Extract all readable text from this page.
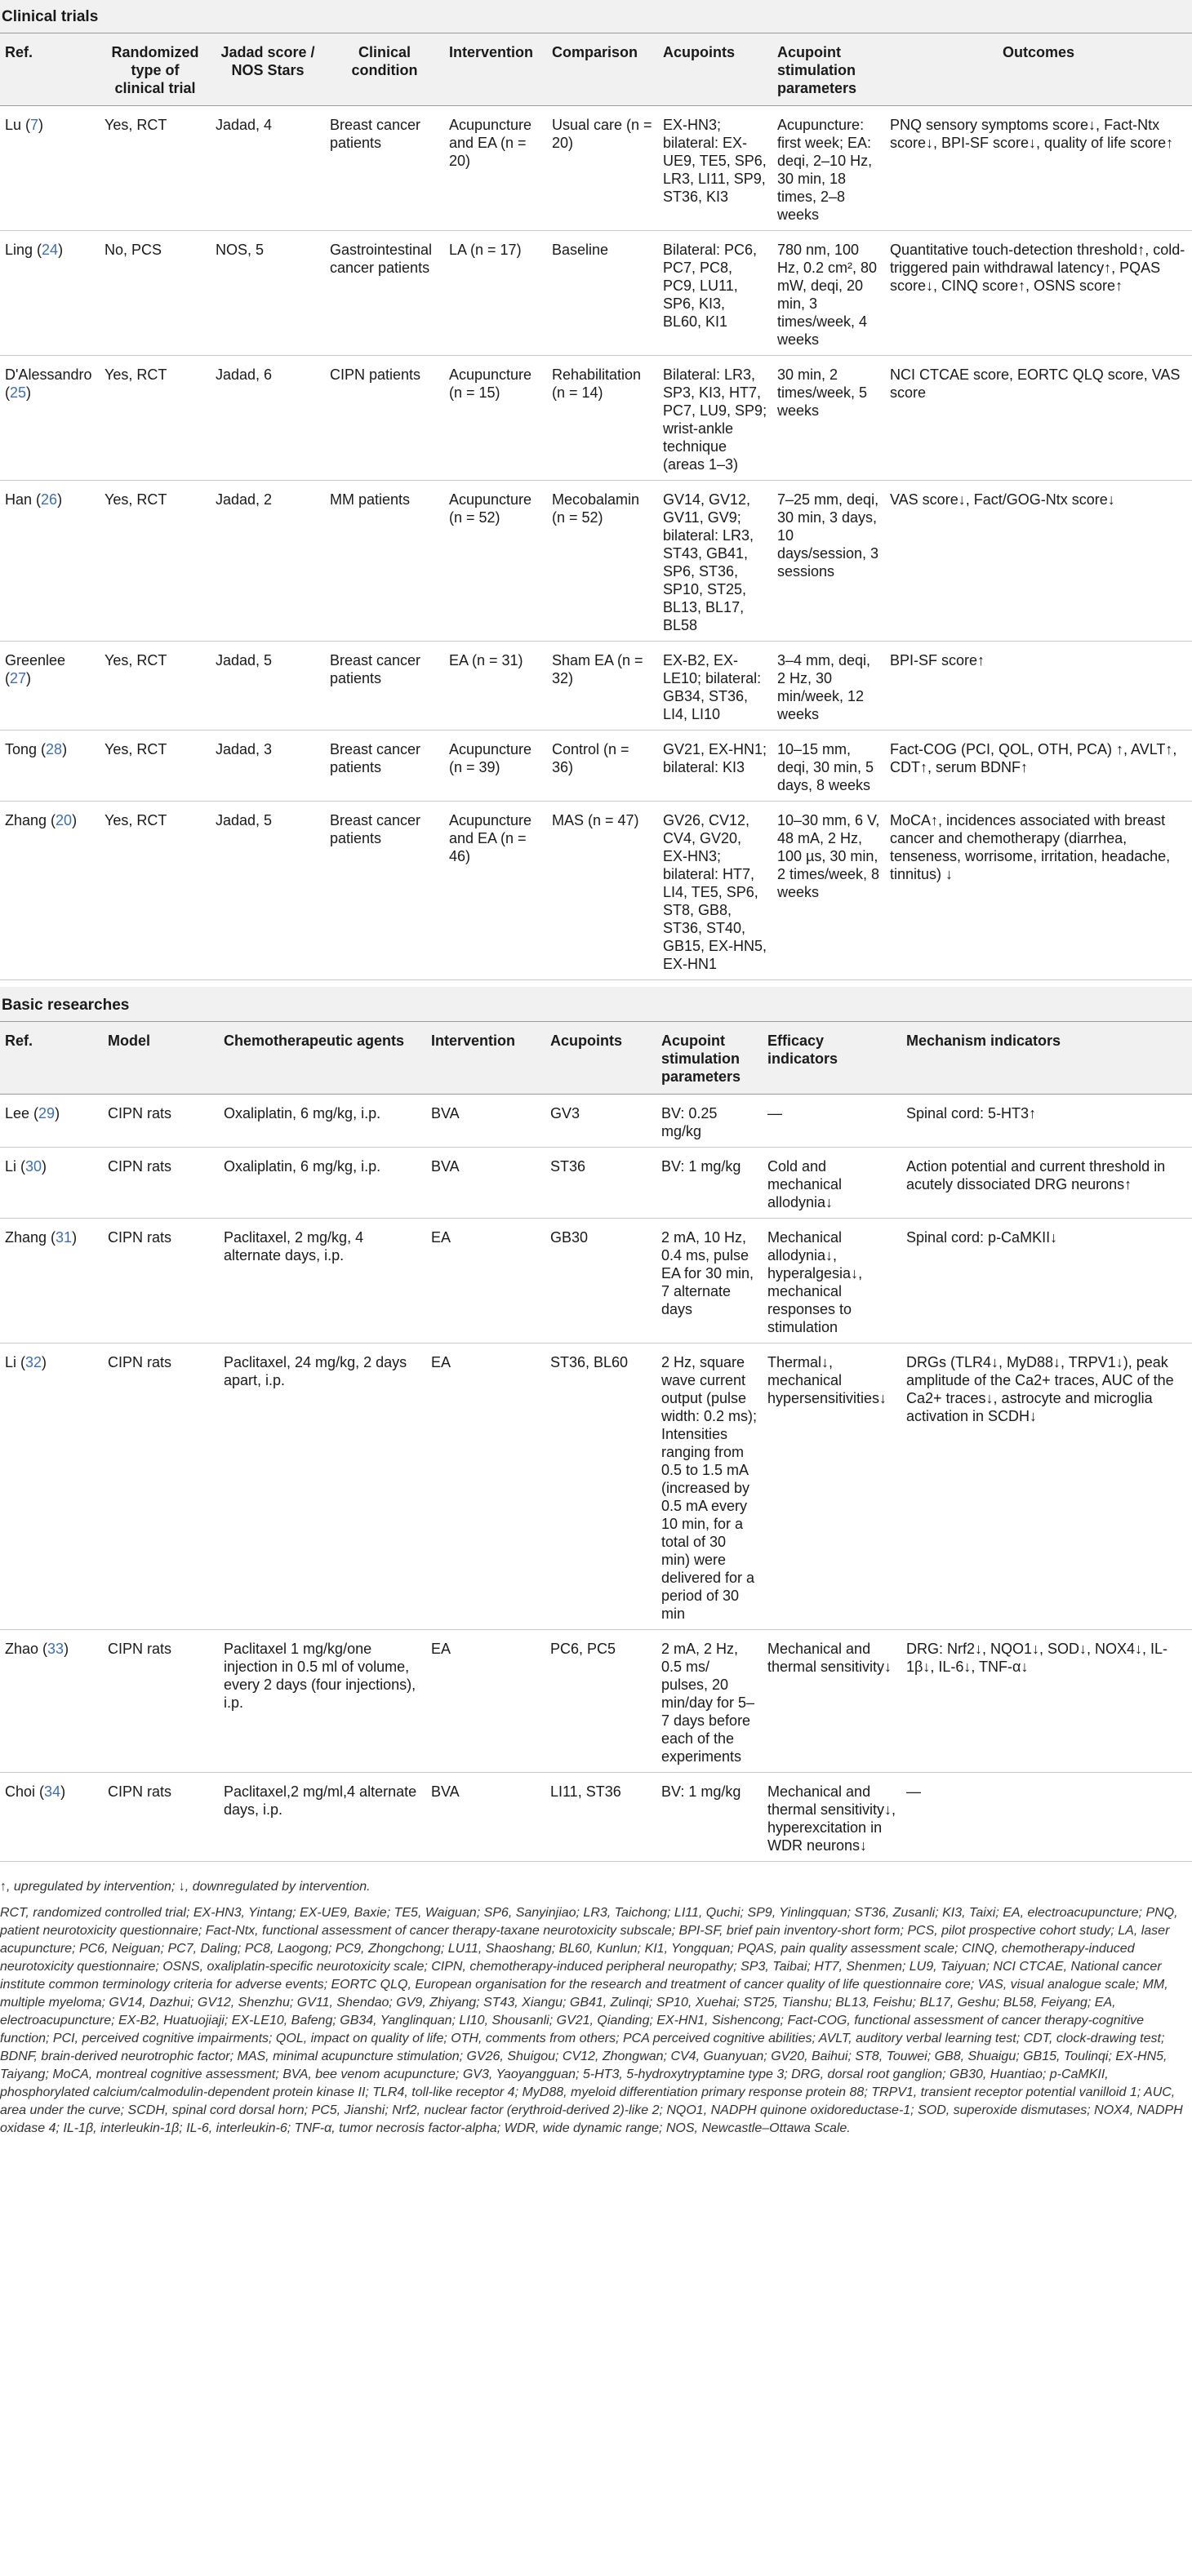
Clinical trials
Ref.	Randomized type of clinical trial	Jadad score / NOS Stars	Clinical condition	Intervention	Comparison	Acupoints	Acupoint stimulation parameters	Outcomes
Lu (7)	Yes, RCT	Jadad, 4	Breast cancer patients	Acupuncture and EA (n = 20)	Usual care (n = 20)	EX-HN3; bilateral: EX-UE9, TE5, SP6, LR3, LI11, SP9, ST36, KI3	Acupuncture: first week; EA: deqi, 2–10 Hz, 30 min, 18 times, 2–8 weeks	PNQ sensory symptoms score↓, Fact-Ntx score↓, BPI-SF score↓, quality of life score↑
Ling (24)	No, PCS	NOS, 5	Gastrointestinal cancer patients	LA (n = 17)	Baseline	Bilateral: PC6, PC7, PC8, PC9, LU11, SP6, KI3, BL60, KI1	780 nm, 100 Hz, 0.2 cm², 80 mW, deqi, 20 min, 3 times/week, 4 weeks	Quantitative touch-detection threshold↑, cold-triggered pain withdrawal latency↑, PQAS score↓, CINQ score↑, OSNS score↑
D'Alessandro (25)	Yes, RCT	Jadad, 6	CIPN patients	Acupuncture (n = 15)	Rehabilitation (n = 14)	Bilateral: LR3, SP3, KI3, HT7, PC7, LU9, SP9; wrist-ankle technique (areas 1–3)	30 min, 2 times/week, 5 weeks	NCI CTCAE score, EORTC QLQ score, VAS score
Han (26)	Yes, RCT	Jadad, 2	MM patients	Acupuncture (n = 52)	Mecobalamin (n = 52)	GV14, GV12, GV11, GV9; bilateral: LR3, ST43, GB41, SP6, ST36, SP10, ST25, BL13, BL17, BL58	7–25 mm, deqi, 30 min, 3 days, 10 days/session, 3 sessions	VAS score↓, Fact/GOG-Ntx score↓
Greenlee (27)	Yes, RCT	Jadad, 5	Breast cancer patients	EA (n = 31)	Sham EA (n = 32)	EX-B2, EX-LE10; bilateral: GB34, ST36, LI4, LI10	3–4 mm, deqi, 2 Hz, 30 min/week, 12 weeks	BPI-SF score↑
Tong (28)	Yes, RCT	Jadad, 3	Breast cancer patients	Acupuncture (n = 39)	Control (n = 36)	GV21, EX-HN1; bilateral: KI3	10–15 mm, deqi, 30 min, 5 days, 8 weeks	Fact-COG (PCI, QOL, OTH, PCA) ↑, AVLT↑, CDT↑, serum BDNF↑
Zhang (20)	Yes, RCT	Jadad, 5	Breast cancer patients	Acupuncture and EA (n = 46)	MAS (n = 47)	GV26, CV12, CV4, GV20, EX-HN3; bilateral: HT7, LI4, TE5, SP6, ST8, GB8, ST36, ST40, GB15, EX-HN5, EX-HN1	10–30 mm, 6 V, 48 mA, 2 Hz, 100 µs, 30 min, 2 times/week, 8 weeks	MoCA↑, incidences associated with breast cancer and chemotherapy (diarrhea, tenseness, worrisome, irritation, headache, tinnitus) ↓
Basic researches
Ref.	Model	Chemotherapeutic agents	Intervention	Acupoints	Acupoint stimulation parameters	Efficacy indicators	Mechanism indicators
Lee (29)	CIPN rats	Oxaliplatin, 6 mg/kg, i.p.	BVA	GV3	BV: 0.25 mg/kg	—	Spinal cord: 5-HT3↑
Li (30)	CIPN rats	Oxaliplatin, 6 mg/kg, i.p.	BVA	ST36	BV: 1 mg/kg	Cold and mechanical allodynia↓	Action potential and current threshold in acutely dissociated DRG neurons↑
Zhang (31)	CIPN rats	Paclitaxel, 2 mg/kg, 4 alternate days, i.p.	EA	GB30	2 mA, 10 Hz, 0.4 ms, pulse EA for 30 min, 7 alternate days	Mechanical allodynia↓, hyperalgesia↓, mechanical responses to stimulation	Spinal cord: p-CaMKII↓
Li (32)	CIPN rats	Paclitaxel, 24 mg/kg, 2 days apart, i.p.	EA	ST36, BL60	2 Hz, square wave current output (pulse width: 0.2 ms); Intensities ranging from 0.5 to 1.5 mA (increased by 0.5 mA every 10 min, for a total of 30 min) were delivered for a period of 30 min	Thermal↓, mechanical hypersensitivities↓	DRGs (TLR4↓, MyD88↓, TRPV1↓), peak amplitude of the Ca2+ traces, AUC of the Ca2+ traces↓, astrocyte and microglia activation in SCDH↓
Zhao (33)	CIPN rats	Paclitaxel 1 mg/kg/one injection in 0.5 ml of volume, every 2 days (four injections), i.p.	EA	PC6, PC5	2 mA, 2 Hz, 0.5 ms/ pulses, 20 min/day for 5–7 days before each of the experiments	Mechanical and thermal sensitivity↓	DRG: Nrf2↓, NQO1↓, SOD↓, NOX4↓, IL-1β↓, IL-6↓, TNF-α↓
Choi (34)	CIPN rats	Paclitaxel,2 mg/ml,4 alternate days, i.p.	BVA	LI11, ST36	BV: 1 mg/kg	Mechanical and thermal sensitivity↓, hyperexcitation in WDR neurons↓	—

↑, upregulated by intervention; ↓, downregulated by intervention.

RCT, randomized controlled trial; EX-HN3, Yintang; EX-UE9, Baxie; TE5, Waiguan; SP6, Sanyinjiao; LR3, Taichong; LI11, Quchi; SP9, Yinlingquan; ST36, Zusanli; KI3, Taixi; EA, electroacupuncture; PNQ, patient neurotoxicity questionnaire; Fact-Ntx, functional assessment of cancer therapy-taxane neurotoxicity subscale; BPI-SF, brief pain inventory-short form; PCS, pilot prospective cohort study; LA, laser acupuncture; PC6, Neiguan; PC7, Daling; PC8, Laogong; PC9, Zhongchong; LU11, Shaoshang; BL60, Kunlun; KI1, Yongquan; PQAS, pain quality assessment scale; CINQ, chemotherapy-induced neurotoxicity questionnaire; OSNS, oxaliplatin-specific neurotoxicity scale; CIPN, chemotherapy-induced peripheral neuropathy; SP3, Taibai; HT7, Shenmen; LU9, Taiyuan; NCI CTCAE, National cancer institute common terminology criteria for adverse events; EORTC QLQ, European organisation for the research and treatment of cancer quality of life questionnaire core; VAS, visual analogue scale; MM, multiple myeloma; GV14, Dazhui; GV12, Shenzhu; GV11, Shendao; GV9, Zhiyang; ST43, Xiangu; GB41, Zulinqi; SP10, Xuehai; ST25, Tianshu; BL13, Feishu; BL17, Geshu; BL58, Feiyang; EA, electroacupuncture; EX-B2, Huatuojiaji; EX-LE10, Bafeng; GB34, Yanglinquan; LI10, Shousanli; GV21, Qianding; EX-HN1, Sishencong; Fact-COG, functional assessment of cancer therapy-cognitive function; PCI, perceived cognitive impairments; QOL, impact on quality of life; OTH, comments from others; PCA perceived cognitive abilities; AVLT, auditory verbal learning test; CDT, clock-drawing test; BDNF, brain-derived neurotrophic factor; MAS, minimal acupuncture stimulation; GV26, Shuigou; CV12, Zhongwan; CV4, Guanyuan; GV20, Baihui; ST8, Touwei; GB8, Shuaigu; GB15, Toulinqi; EX-HN5, Taiyang; MoCA, montreal cognitive assessment; BVA, bee venom acupuncture; GV3, Yaoyangguan; 5-HT3, 5-hydroxytryptamine type 3; DRG, dorsal root ganglion; GB30, Huantiao; p-CaMKII, phosphorylated calcium/calmodulin-dependent protein kinase II; TLR4, toll-like receptor 4; MyD88, myeloid differentiation primary response protein 88; TRPV1, transient receptor potential vanilloid 1; AUC, area under the curve; SCDH, spinal cord dorsal horn; PC5, Jianshi; Nrf2, nuclear factor (erythroid-derived 2)-like 2; NQO1, NADPH quinone oxidoreductase-1; SOD, superoxide dismutases; NOX4, NADPH oxidase 4; IL-1β, interleukin-1β; IL-6, interleukin-6; TNF-α, tumor necrosis factor-alpha; WDR, wide dynamic range; NOS, Newcastle–Ottawa Scale.
